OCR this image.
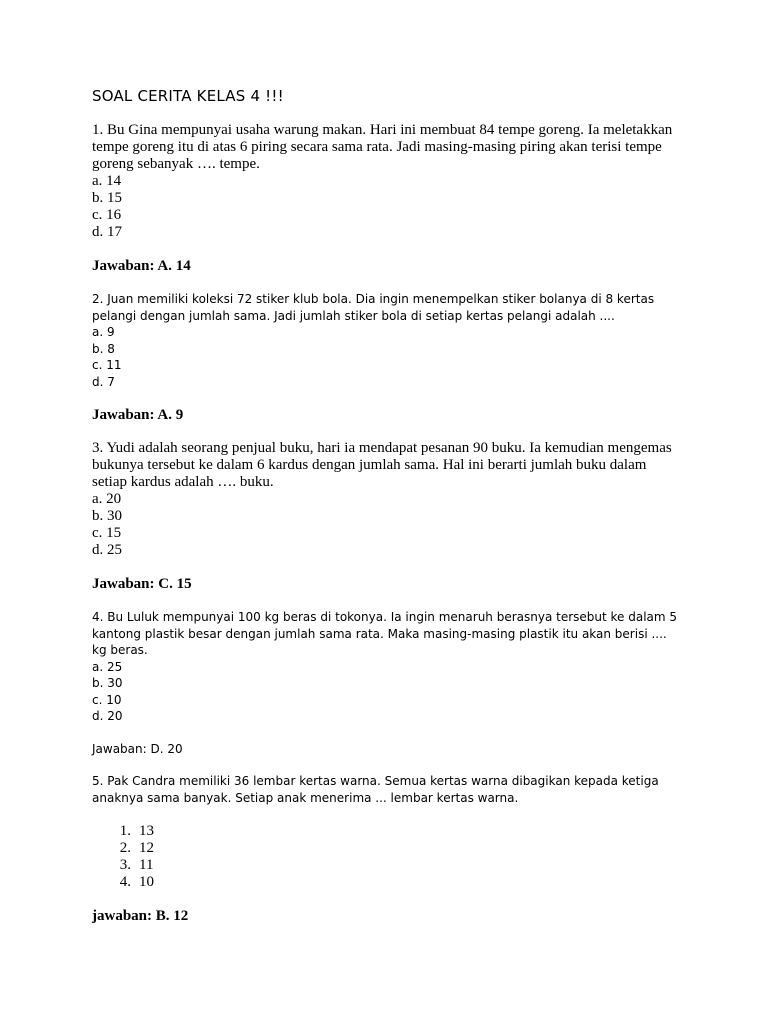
SOAL CERITA KELAS 4 !!!

1. Bu Gina mempunyai usaha warung makan. Hari ini membuat 84 tempe goreng. Ia meletakkan tempe goreng itu di atas 6 piring secara sama rata. Jadi masing-masing piring akan terisi tempe goreng sebanyak …. tempe.

a. 14

b. 15

c. 16

d. 17

Jawaban: A. 14

2. Juan memiliki koleksi 72 stiker klub bola. Dia ingin menempelkan stiker bolanya di 8 kertas pelangi dengan jumlah sama. Jadi jumlah stiker bola di setiap kertas pelangi adalah ....

a. 9

b. 8

c. 11

d. 7

Jawaban: A. 9

3. Yudi adalah seorang penjual buku, hari ia mendapat pesanan 90 buku. Ia kemudian mengemas bukunya tersebut ke dalam 6 kardus dengan jumlah sama. Hal ini berarti jumlah buku dalam setiap kardus adalah …. buku.

a. 20

b. 30

c. 15

d. 25

Jawaban: C. 15

4. Bu Luluk mempunyai 100 kg beras di tokonya. Ia ingin menaruh berasnya tersebut ke dalam 5 kantong plastik besar dengan jumlah sama rata. Maka masing-masing plastik itu akan berisi .... kg beras.

a. 25

b. 30

c. 10

d. 20

Jawaban: D. 20

5. Pak Candra memiliki 36 lembar kertas warna. Semua kertas warna dibagikan kepada ketiga anaknya sama banyak. Setiap anak menerima ... lembar kertas warna.

1. 13
2. 12
3. 11
4. 10

jawaban: B. 12
